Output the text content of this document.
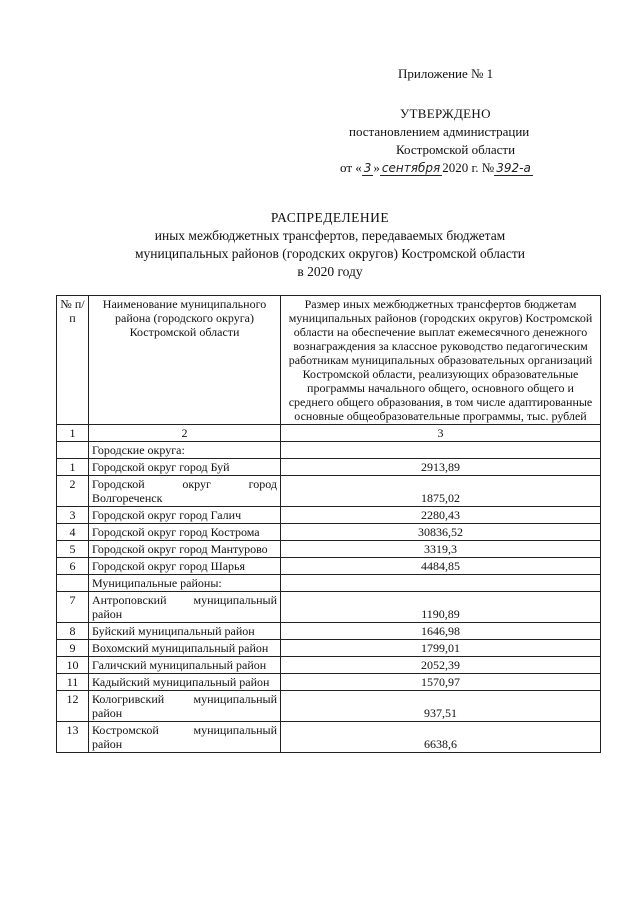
Приложение № 1
УТВЕРЖДЕНО
постановлением администрации
Костромской области
от « 3 » сентября 2020 г. № 392-а
РАСПРЕДЕЛЕНИЕ
иных межбюджетных трансфертов, передаваемых бюджетам
муниципальных районов (городских округов) Костромской области
в 2020 году
№ п/п	Наименование муниципального района (городского округа) Костромской области	Размер иных межбюджетных трансфертов бюджетам муниципальных районов (городских округов) Костромской области на обеспечение выплат ежемесячного денежного вознаграждения за классное руководство педагогическим работникам муниципальных образовательных организаций Костромской области, реализующих образовательные программы начального общего, основного общего и среднего общего образования, в том числе адаптированные основные общеобразовательные программы, тыс. рублей
1	2	3
	Городские округа:	
1	Городской округ город Буй	2913,89
2	Городской округ город Волгореченск	1875,02
3	Городской округ город Галич	2280,43
4	Городской округ город Кострома	30836,52
5	Городской округ город Мантурово	3319,3
6	Городской округ город Шарья	4484,85
	Муниципальные районы:	
7	Антроповский муниципальный район	1190,89
8	Буйский муниципальный район	1646,98
9	Вохомский муниципальный район	1799,01
10	Галичский муниципальный район	2052,39
11	Кадыйский муниципальный район	1570,97
12	Кологривский муниципальный район	937,51
13	Костромской муниципальный район	6638,6
